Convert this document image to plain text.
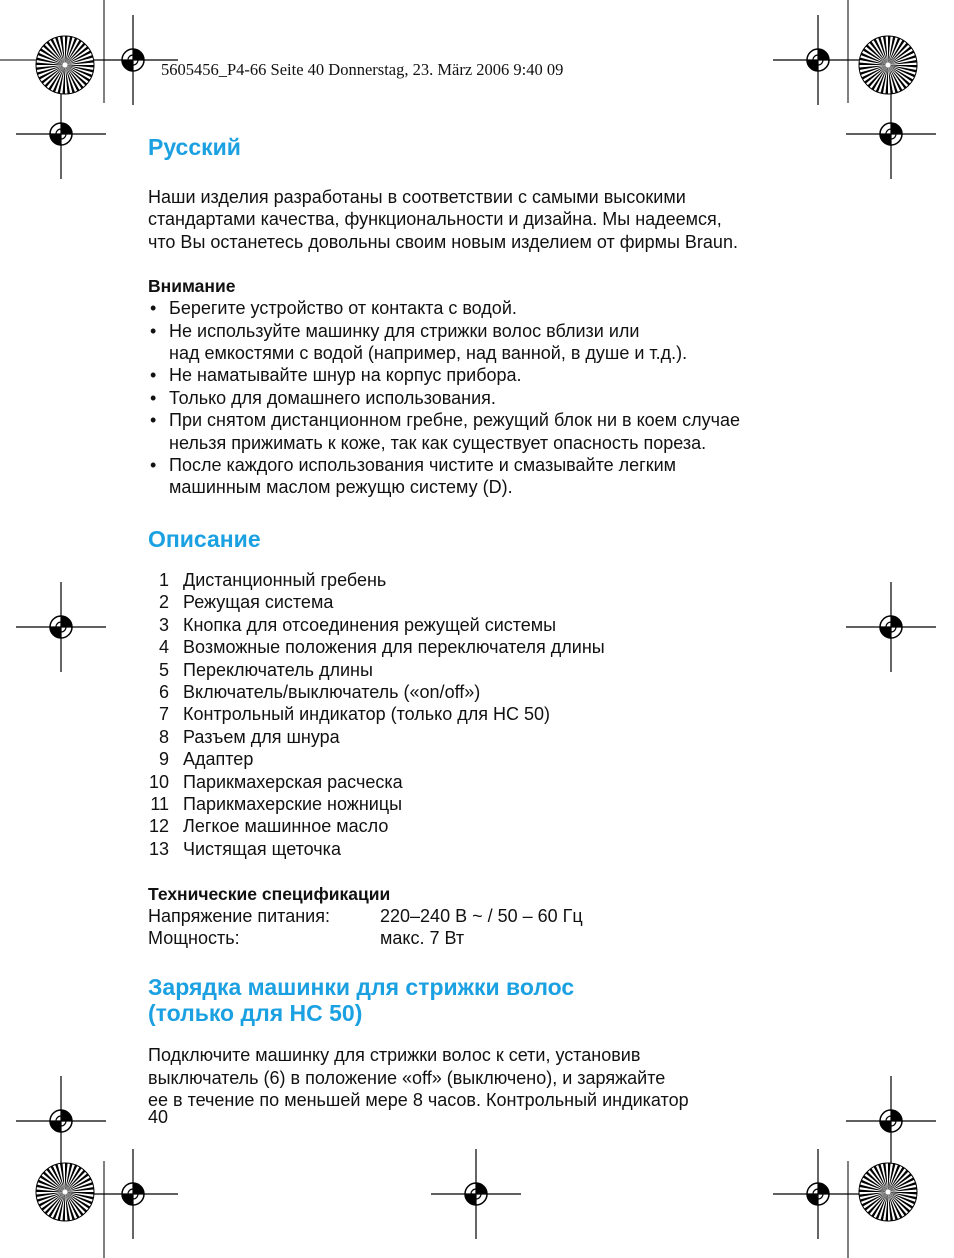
5605456_P4-66 Seite 40 Donnerstag, 23. März 2006 9:40 09
Русский

Наши изделия разработаны в соответствии с самыми высокими

стандартами качества, функциональности и дизайна. Мы надеемся,

что Вы останетесь довольны своим новым изделием от фирмы Braun.

Внимание

• Берегите устройство от контакта с водой.
• Не используйте машинку для стрижки волос вблизи или
над емкостями с водой (например, над ванной, в душе и т.д.).
• Не наматывайте шнур на корпус прибора.
• Только для домашнего использования.
• При снятом дистанционном гребне, режущий блок ни в коем случае
нельзя прижимать к коже, так как существует опасность пореза.
• После каждого использования чистите и смазывайте легким
машинным маслом режущю систему (D).
Описание
1 Дистанционный гребень
2 Режущая система
3 Кнопка для отсоединения режущей системы
4 Возможные положения для переключателя длины
5 Переключатель длины
6 Включатель/выключатель («on/off»)
7 Контрольный индикатор (только для HC 50)
8 Разъем для шнура
9 Адаптер
10 Парикмахерская расческа
11 Парикмахерские ножницы
12 Легкое машинное масло
13 Чистящая щеточка

Технические спецификации

Напряжение питания:	220–240 В ~ / 50 – 60 Гц
Мощность:	макс. 7 Вт
Зарядка машинки для стрижки волос
(только для HC 50)

Подключите машинку для стрижки волос к сети, установив

выключатель (6) в положение «off» (выключено), и заряжайте

ее в течение по меньшей мере 8 часов. Контрольный индикатор

40
